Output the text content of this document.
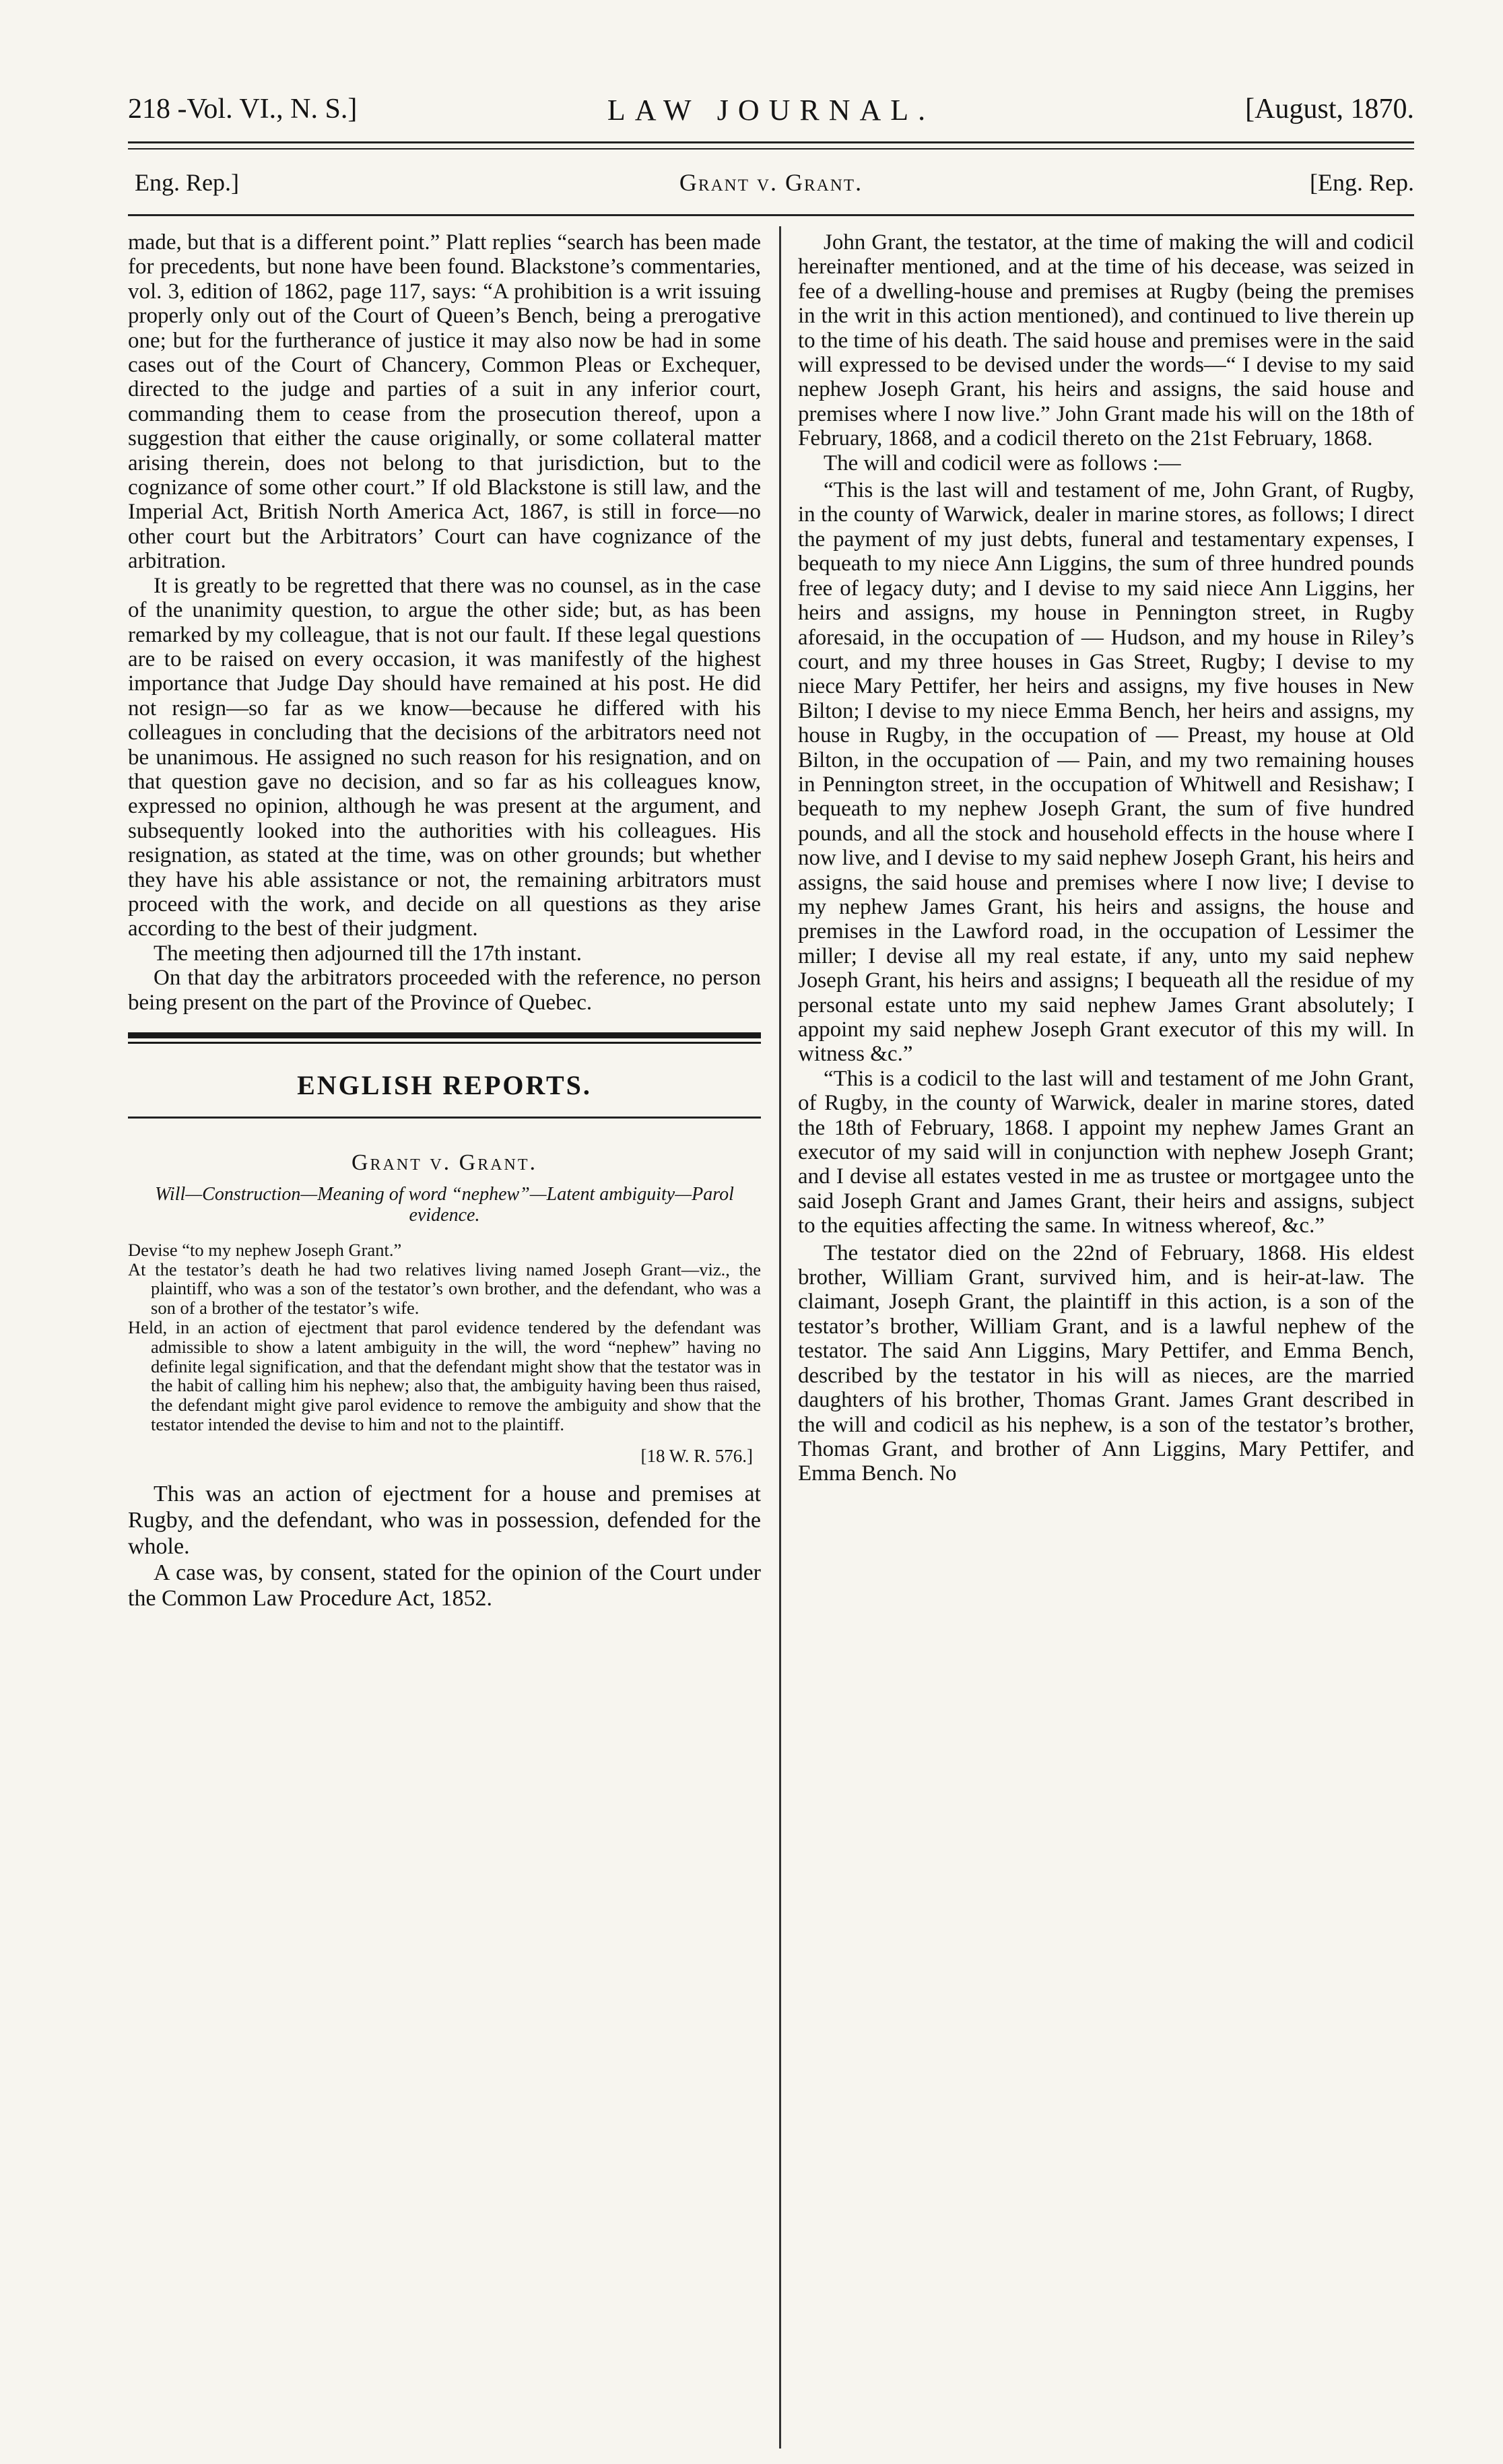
218 -Vol. VI., N. S.]	LAW JOURNAL.	[August, 1870.
Eng. Rep.]	Grant v. Grant.	[Eng. Rep.

made, but that is a different point.” Platt replies “search has been made for precedents, but none have been found. Blackstone’s commentaries, vol. 3, edition of 1862, page 117, says: “A prohibition is a writ issuing properly only out of the Court of Queen’s Bench, being a prerogative one; but for the furtherance of justice it may also now be had in some cases out of the Court of Chancery, Common Pleas or Exchequer, directed to the judge and parties of a suit in any inferior court, commanding them to cease from the prosecution thereof, upon a suggestion that either the cause originally, or some collateral matter arising therein, does not belong to that jurisdiction, but to the cognizance of some other court.” If old Blackstone is still law, and the Imperial Act, British North America Act, 1867, is still in force—no other court but the Arbitrators’ Court can have cognizance of the arbitration.

It is greatly to be regretted that there was no counsel, as in the case of the unanimity question, to argue the other side; but, as has been remarked by my colleague, that is not our fault. If these legal questions are to be raised on every occasion, it was manifestly of the highest importance that Judge Day should have remained at his post. He did not resign—so far as we know—because he differed with his colleagues in concluding that the decisions of the arbitrators need not be unanimous. He assigned no such reason for his resignation, and on that question gave no decision, and so far as his colleagues know, expressed no opinion, although he was present at the argument, and subsequently looked into the authorities with his colleagues. His resignation, as stated at the time, was on other grounds; but whether they have his able assistance or not, the remaining arbitrators must proceed with the work, and decide on all questions as they arise according to the best of their judgment.

The meeting then adjourned till the 17th instant.

On that day the arbitrators proceeded with the reference, no person being present on the part of the Province of Quebec.

ENGLISH REPORTS.
Grant v. Grant.
Will—Construction—Meaning of word “nephew”—Latent ambiguity—Parol evidence.

Devise “to my nephew Joseph Grant.”

At the testator’s death he had two relatives living named Joseph Grant—viz., the plaintiff, who was a son of the testator’s own brother, and the defendant, who was a son of a brother of the testator’s wife.

Held, in an action of ejectment that parol evidence tendered by the defendant was admissible to show a latent ambiguity in the will, the word “nephew” having no definite legal signification, and that the defendant might show that the testator was in the habit of calling him his nephew; also that, the ambiguity having been thus raised, the defendant might give parol evidence to remove the ambiguity and show that the testator intended the devise to him and not to the plaintiff.

[18 W. R. 576.]

This was an action of ejectment for a house and premises at Rugby, and the defendant, who was in possession, defended for the whole.

A case was, by consent, stated for the opinion of the Court under the Common Law Procedure Act, 1852.

John Grant, the testator, at the time of making the will and codicil hereinafter mentioned, and at the time of his decease, was seized in fee of a dwelling-house and premises at Rugby (being the premises in the writ in this action mentioned), and continued to live therein up to the time of his death. The said house and premises were in the said will expressed to be devised under the words—“ I devise to my said nephew Joseph Grant, his heirs and assigns, the said house and premises where I now live.” John Grant made his will on the 18th of February, 1868, and a codicil thereto on the 21st February, 1868.

The will and codicil were as follows :—

“This is the last will and testament of me, John Grant, of Rugby, in the county of Warwick, dealer in marine stores, as follows; I direct the payment of my just debts, funeral and testamentary expenses, I bequeath to my niece Ann Liggins, the sum of three hundred pounds free of legacy duty; and I devise to my said niece Ann Liggins, her heirs and assigns, my house in Pennington street, in Rugby aforesaid, in the occupation of — Hudson, and my house in Riley’s court, and my three houses in Gas Street, Rugby; I devise to my niece Mary Pettifer, her heirs and assigns, my five houses in New Bilton; I devise to my niece Emma Bench, her heirs and assigns, my house in Rugby, in the occupation of — Preast, my house at Old Bilton, in the occupation of — Pain, and my two remaining houses in Pennington street, in the occupation of Whitwell and Resishaw; I bequeath to my nephew Joseph Grant, the sum of five hundred pounds, and all the stock and household effects in the house where I now live, and I devise to my said nephew Joseph Grant, his heirs and assigns, the said house and premises where I now live; I devise to my nephew James Grant, his heirs and assigns, the house and premises in the Lawford road, in the occupation of Lessimer the miller; I devise all my real estate, if any, unto my said nephew Joseph Grant, his heirs and assigns; I bequeath all the residue of my personal estate unto my said nephew James Grant absolutely; I appoint my said nephew Joseph Grant executor of this my will. In witness &c.”

“This is a codicil to the last will and testament of me John Grant, of Rugby, in the county of Warwick, dealer in marine stores, dated the 18th of February, 1868. I appoint my nephew James Grant an executor of my said will in conjunction with nephew Joseph Grant; and I devise all estates vested in me as trustee or mortgagee unto the said Joseph Grant and James Grant, their heirs and assigns, subject to the equities affecting the same. In witness whereof, &c.”

The testator died on the 22nd of February, 1868. His eldest brother, William Grant, survived him, and is heir-at-law. The claimant, Joseph Grant, the plaintiff in this action, is a son of the testator’s brother, William Grant, and is a lawful nephew of the testator. The said Ann Liggins, Mary Pettifer, and Emma Bench, described by the testator in his will as nieces, are the married daughters of his brother, Thomas Grant. James Grant described in the will and codicil as his nephew, is a son of the testator’s brother, Thomas Grant, and brother of Ann Liggins, Mary Pettifer, and Emma Bench. No
